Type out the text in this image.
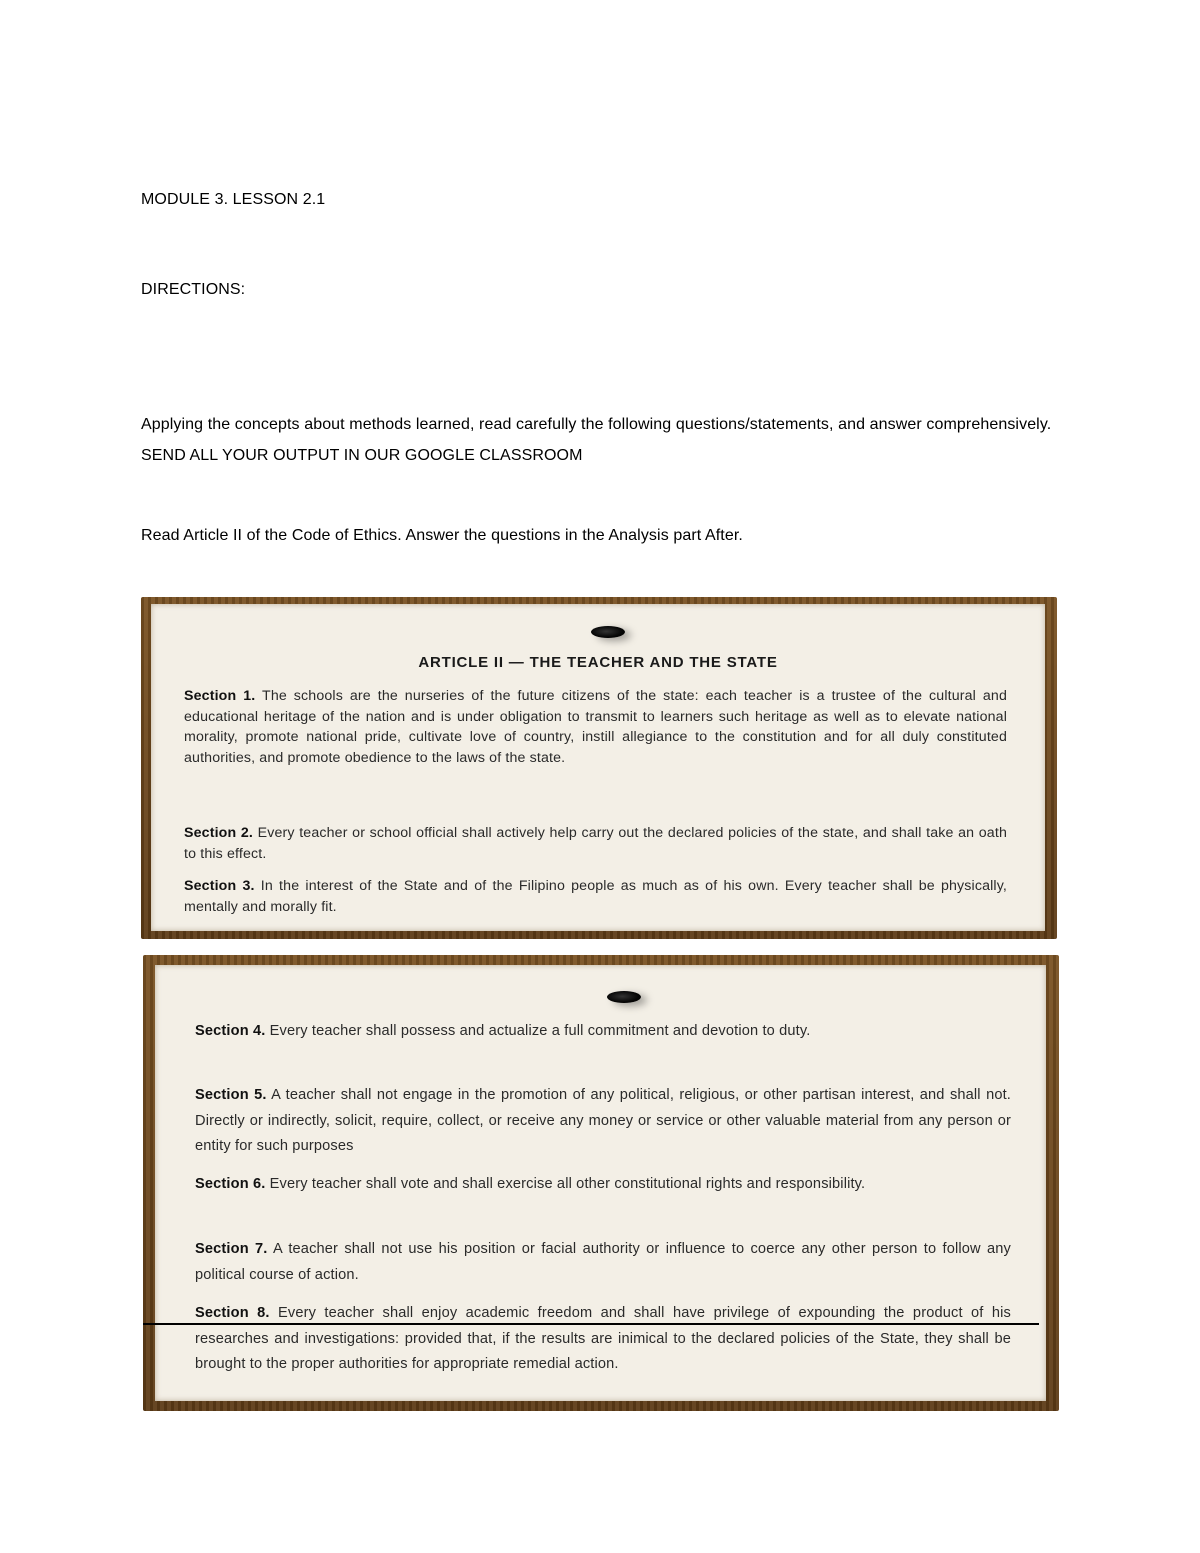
MODULE 3. LESSON 2.1
DIRECTIONS:
Applying the concepts about methods learned, read carefully the following questions/statements, and answer comprehensively. SEND ALL YOUR OUTPUT IN OUR GOOGLE CLASSROOM
Read Article II of the Code of Ethics. Answer the questions in the Analysis part After.
ARTICLE II — THE TEACHER AND THE STATE
Section 1. The schools are the nurseries of the future citizens of the state: each teacher is a trustee of the cultural and educational heritage of the nation and is under obligation to transmit to learners such heritage as well as to elevate national morality, promote national pride, cultivate love of country, instill allegiance to the constitution and for all duly constituted authorities, and promote obedience to the laws of the state.
Section 2. Every teacher or school official shall actively help carry out the declared policies of the state, and shall take an oath to this effect.
Section 3. In the interest of the State and of the Filipino people as much as of his own. Every teacher shall be physically, mentally and morally fit.
Section 4. Every teacher shall possess and actualize a full commitment and devotion to duty.
Section 5. A teacher shall not engage in the promotion of any political, religious, or other partisan interest, and shall not. Directly or indirectly, solicit, require, collect, or receive any money or service or other valuable material from any person or entity for such purposes
Section 6. Every teacher shall vote and shall exercise all other constitutional rights and responsibility.
Section 7. A teacher shall not use his position or facial authority or influence to coerce any other person to follow any political course of action.
Section 8. Every teacher shall enjoy academic freedom and shall have privilege of expounding the product of his researches and investigations: provided that, if the results are inimical to the declared policies of the State, they shall be brought to the proper authorities for appropriate remedial action.
